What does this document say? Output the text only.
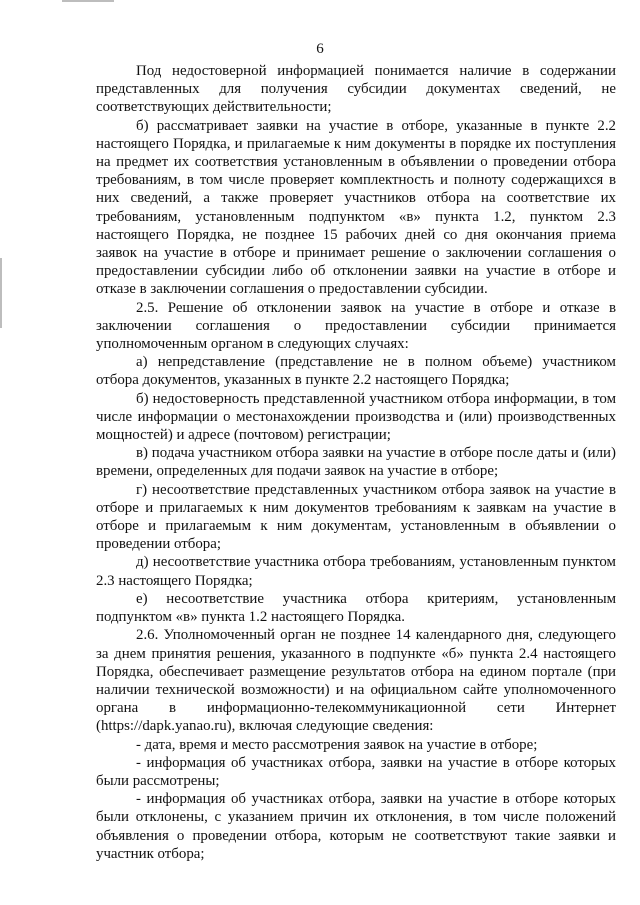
6

Под недостоверной информацией понимается наличие в содержании представленных для получения субсидии документах сведений, не соответствующих действительности;

б) рассматривает заявки на участие в отборе, указанные в пункте 2.2 настоящего Порядка, и прилагаемые к ним документы в порядке их поступления на предмет их соответствия установленным в объявлении о проведении отбора требованиям, в том числе проверяет комплектность и полноту содержащихся в них сведений, а также проверяет участников отбора на соответствие их требованиям, установленным подпунктом «в» пункта 1.2, пунктом 2.3 настоящего Порядка, не позднее 15 рабочих дней со дня окончания приема заявок на участие в отборе и принимает решение о заключении соглашения о предоставлении субсидии либо об отклонении заявки на участие в отборе и отказе в заключении соглашения о предоставлении субсидии.

2.5. Решение об отклонении заявок на участие в отборе и отказе в заключении соглашения о предоставлении субсидии принимается уполномоченным органом в следующих случаях:

а) непредставление (представление не в полном объеме) участником отбора документов, указанных в пункте 2.2 настоящего Порядка;

б) недостоверность представленной участником отбора информации, в том числе информации о местонахождении производства и (или) производственных мощностей) и адресе (почтовом) регистрации;

в) подача участником отбора заявки на участие в отборе после даты и (или) времени, определенных для подачи заявок на участие в отборе;

г) несоответствие представленных участником отбора заявок на участие в отборе и прилагаемых к ним документов требованиям к заявкам на участие в отборе и прилагаемым к ним документам, установленным в объявлении о проведении отбора;

д) несоответствие участника отбора требованиям, установленным пунктом 2.3 настоящего Порядка;

е) несоответствие участника отбора критериям, установленным подпунктом «в» пункта 1.2 настоящего Порядка.

2.6. Уполномоченный орган не позднее 14 календарного дня, следующего за днем принятия решения, указанного в подпункте «б» пункта 2.4 настоящего Порядка, обеспечивает размещение результатов отбора на едином портале (при наличии технической возможности) и на официальном сайте уполномоченного органа в информационно-телекоммуникационной сети Интернет (https://dapk.yanao.ru), включая следующие сведения:

- дата, время и место рассмотрения заявок на участие в отборе;

- информация об участниках отбора, заявки на участие в отборе которых были рассмотрены;

- информация об участниках отбора, заявки на участие в отборе которых были отклонены, с указанием причин их отклонения, в том числе положений объявления о проведении отбора, которым не соответствуют такие заявки и участник отбора;
